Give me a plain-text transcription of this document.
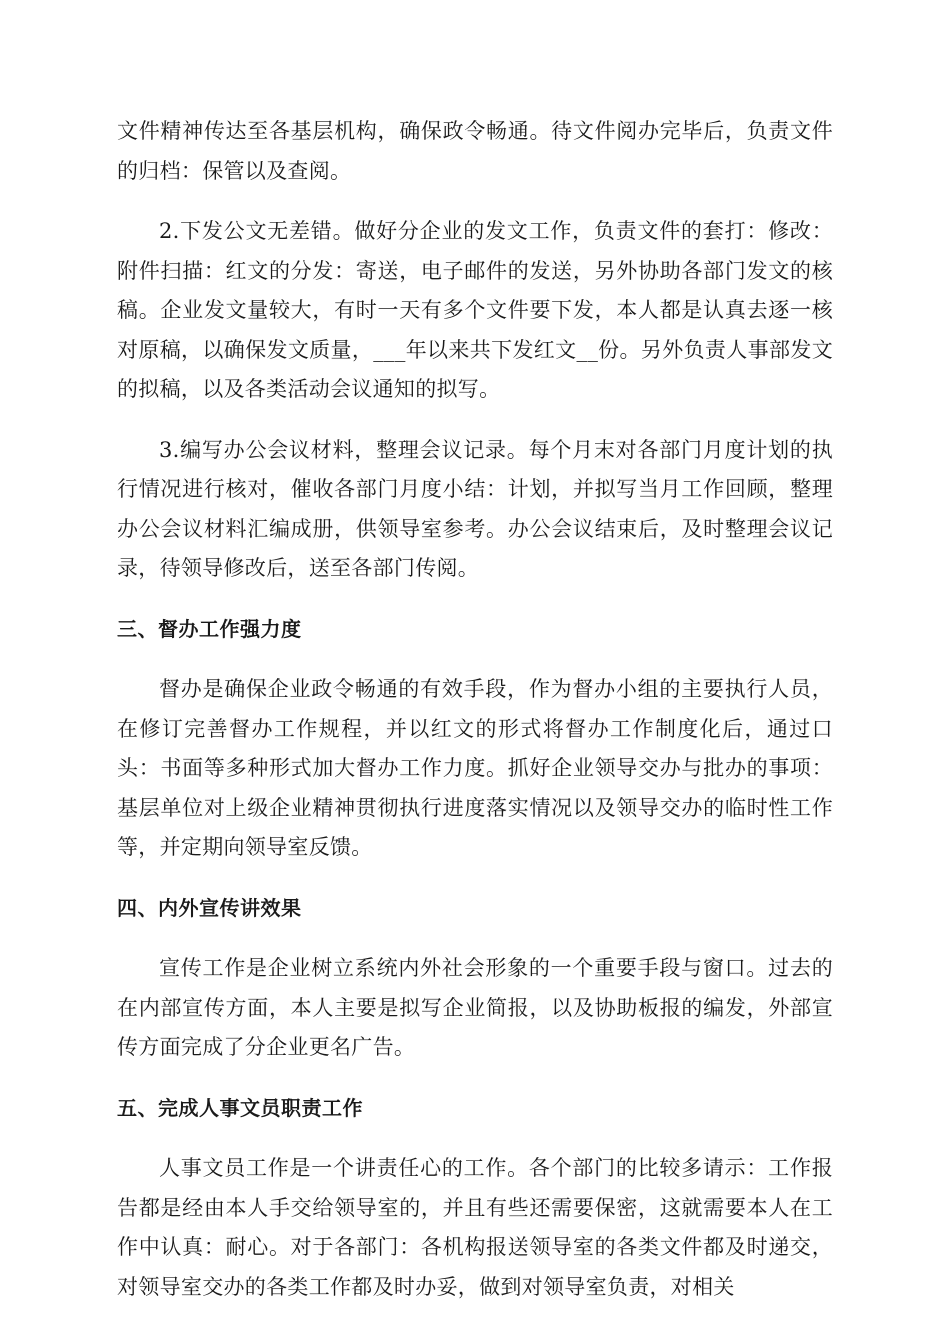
文件精神传达至各基层机构，确保政令畅通。待文件阅办完毕后，负责文件的归档：保管以及查阅。

2.下发公文无差错。做好分企业的发文工作，负责文件的套打：修改：附件扫描：红文的分发：寄送，电子邮件的发送，另外协助各部门发文的核稿。企业发文量较大，有时一天有多个文件要下发，本人都是认真去逐一核对原稿，以确保发文质量，___年以来共下发红文__份。另外负责人事部发文的拟稿，以及各类活动会议通知的拟写。

3.编写办公会议材料，整理会议记录。每个月末对各部门月度计划的执行情况进行核对，催收各部门月度小结：计划，并拟写当月工作回顾，整理办公会议材料汇编成册，供领导室参考。办公会议结束后，及时整理会议记录，待领导修改后，送至各部门传阅。

三、督办工作强力度

督办是确保企业政令畅通的有效手段，作为督办小组的主要执行人员，在修订完善督办工作规程，并以红文的形式将督办工作制度化后，通过口头：书面等多种形式加大督办工作力度。抓好企业领导交办与批办的事项：基层单位对上级企业精神贯彻执行进度落实情况以及领导交办的临时性工作等，并定期向领导室反馈。

四、内外宣传讲效果

宣传工作是企业树立系统内外社会形象的一个重要手段与窗口。过去的在内部宣传方面，本人主要是拟写企业简报，以及协助板报的编发，外部宣传方面完成了分企业更名广告。

五、完成人事文员职责工作

人事文员工作是一个讲责任心的工作。各个部门的比较多请示：工作报告都是经由本人手交给领导室的，并且有些还需要保密，这就需要本人在工作中认真：耐心。对于各部门：各机构报送领导室的各类文件都及时递交，对领导室交办的各类工作都及时办妥，做到对领导室负责，对相关
